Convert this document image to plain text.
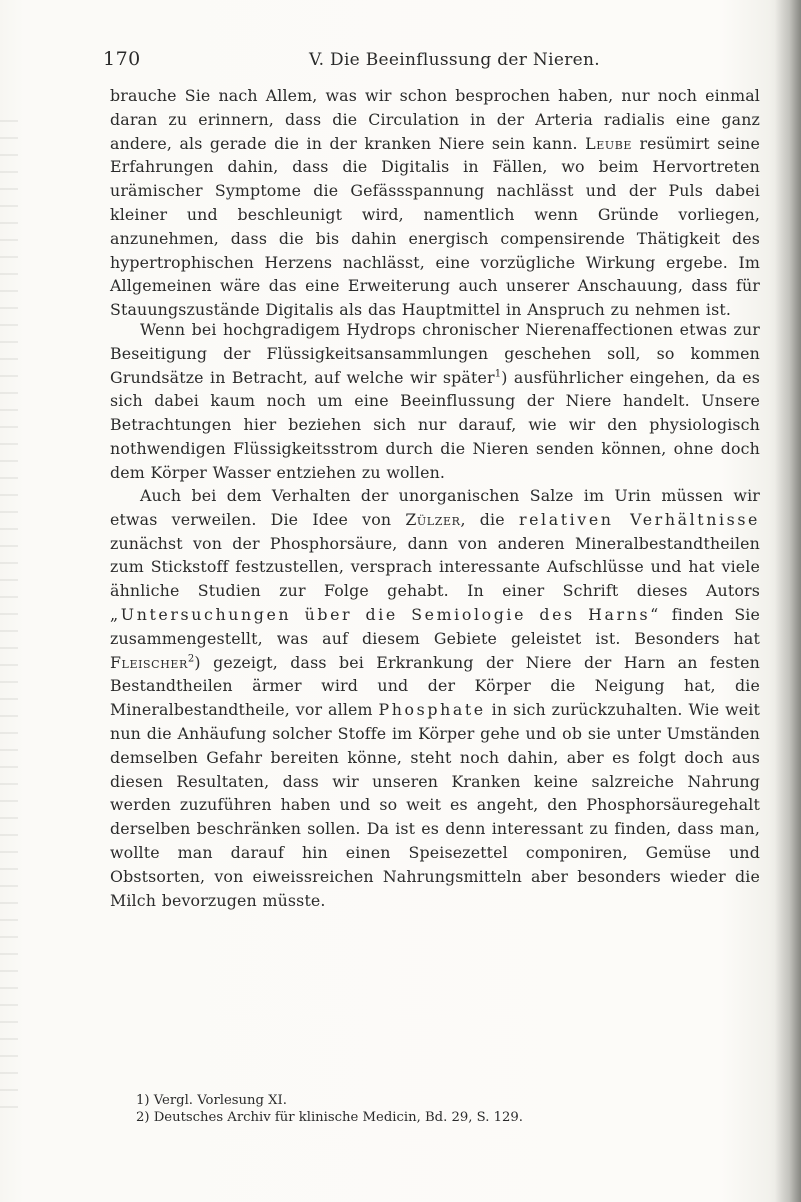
170	V. Die Beeinflussung der Nieren.

brauche Sie nach Allem, was wir schon besprochen haben, nur noch einmal daran zu erinnern, dass die Circulation in der Arteria radialis eine ganz andere, als gerade die in der kranken Niere sein kann. Leube resümirt seine Erfahrungen dahin, dass die Digitalis in Fällen, wo beim Hervortreten urämischer Symptome die Gefässspannung nachlässt und der Puls dabei kleiner und beschleunigt wird, namentlich wenn Gründe vorliegen, anzunehmen, dass die bis dahin energisch compensirende Thätigkeit des hypertrophischen Herzens nachlässt, eine vorzügliche Wirkung ergebe. Im Allgemeinen wäre das eine Erweiterung auch unserer Anschauung, dass für Stauungszustände Digitalis als das Hauptmittel in Anspruch zu nehmen ist.

Wenn bei hochgradigem Hydrops chronischer Nierenaffectionen etwas zur Beseitigung der Flüssigkeitsansammlungen geschehen soll, so kommen Grundsätze in Betracht, auf welche wir später$^1$) ausführlicher eingehen, da es sich dabei kaum noch um eine Beeinflussung der Niere handelt. Unsere Betrachtungen hier beziehen sich nur darauf, wie wir den physiologisch nothwendigen Flüssigkeitsstrom durch die Nieren senden können, ohne doch dem Körper Wasser entziehen zu wollen.

Auch bei dem Verhalten der unorganischen Salze im Urin müssen wir etwas verweilen. Die Idee von Zülzer, die relativen Verhältnisse zunächst von der Phosphorsäure, dann von anderen Mineralbestandtheilen zum Stickstoff festzustellen, versprach interessante Aufschlüsse und hat viele ähnliche Studien zur Folge gehabt. In einer Schrift dieses Autors „Untersuchungen über die Semiologie des Harns“ finden Sie zusammengestellt, was auf diesem Gebiete geleistet ist. Besonders hat Fleischer$^2$) gezeigt, dass bei Erkrankung der Niere der Harn an festen Bestandtheilen ärmer wird und der Körper die Neigung hat, die Mineralbestandtheile, vor allem Phosphate in sich zurückzuhalten. Wie weit nun die Anhäufung solcher Stoffe im Körper gehe und ob sie unter Umständen demselben Gefahr bereiten könne, steht noch dahin, aber es folgt doch aus diesen Resultaten, dass wir unseren Kranken keine salzreiche Nahrung werden zuzuführen haben und so weit es angeht, den Phosphorsäuregehalt derselben beschränken sollen. Da ist es denn interessant zu finden, dass man, wollte man darauf hin einen Speisezettel componiren, Gemüse und Obstsorten, von eiweissreichen Nahrungsmitteln aber besonders wieder die Milch bevorzugen müsste.

1) Vergl. Vorlesung XI.
2) Deutsches Archiv für klinische Medicin, Bd. 29, S. 129.
